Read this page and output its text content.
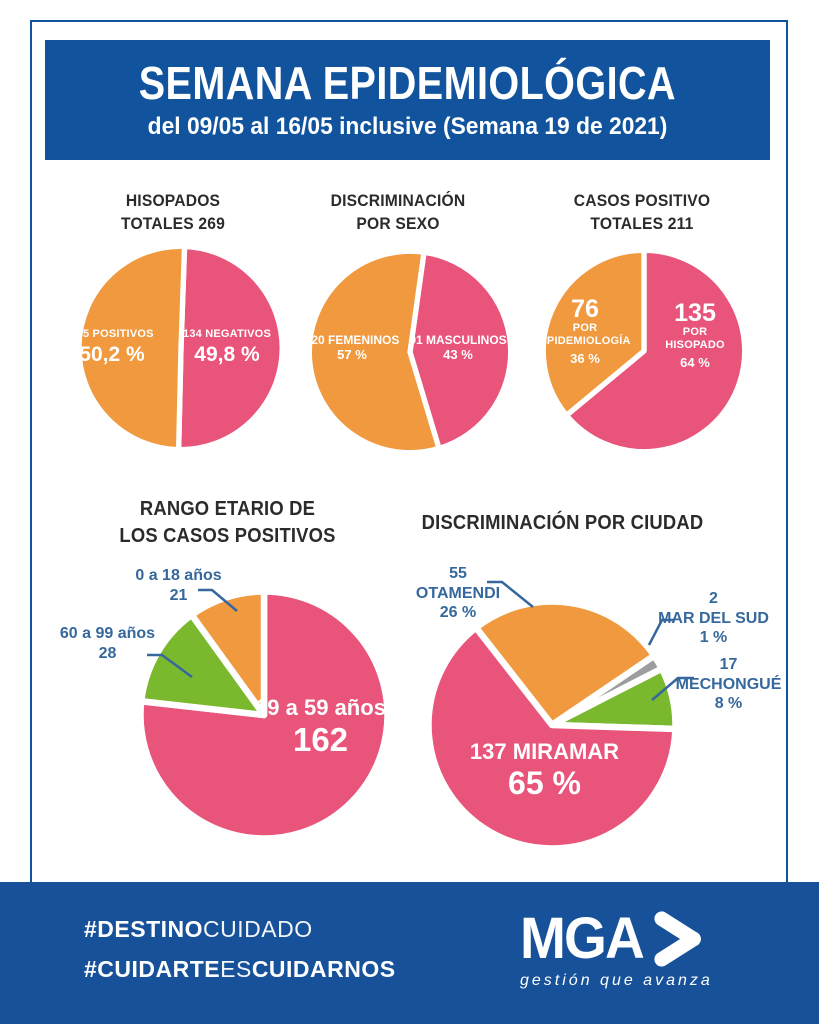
SEMANA EPIDEMIOLÓGICA
del 09/05 al 16/05 inclusive (Semana 19 de 2021)
HISOPADOS
TOTALES 269
135 POSITIVOS
50,2 %
134 NEGATIVOS
49,8 %
DISCRIMINACIÓN
POR SEXO
120 FEMENINOS
57 %
91 MASCULINOS
43 %
CASOS POSITIVO
TOTALES 211
76
POR
EPIDEMIOLOGÍA
36 %
135
POR
HISOPADO
64 %
RANGO ETARIO DE
LOS CASOS POSITIVOS
19 a 59 años
162
0 a 18 años
21
60 a 99 años
28
DISCRIMINACIÓN POR CIUDAD
137 MIRAMAR
65 %
55
OTAMENDI
26 %
2
MAR DEL SUD
1 %
17
MECHONGUÉ
8 %
#DESTINOCUIDADO
#CUIDARTEESCUIDARNOS MGA
gestión que avanza
